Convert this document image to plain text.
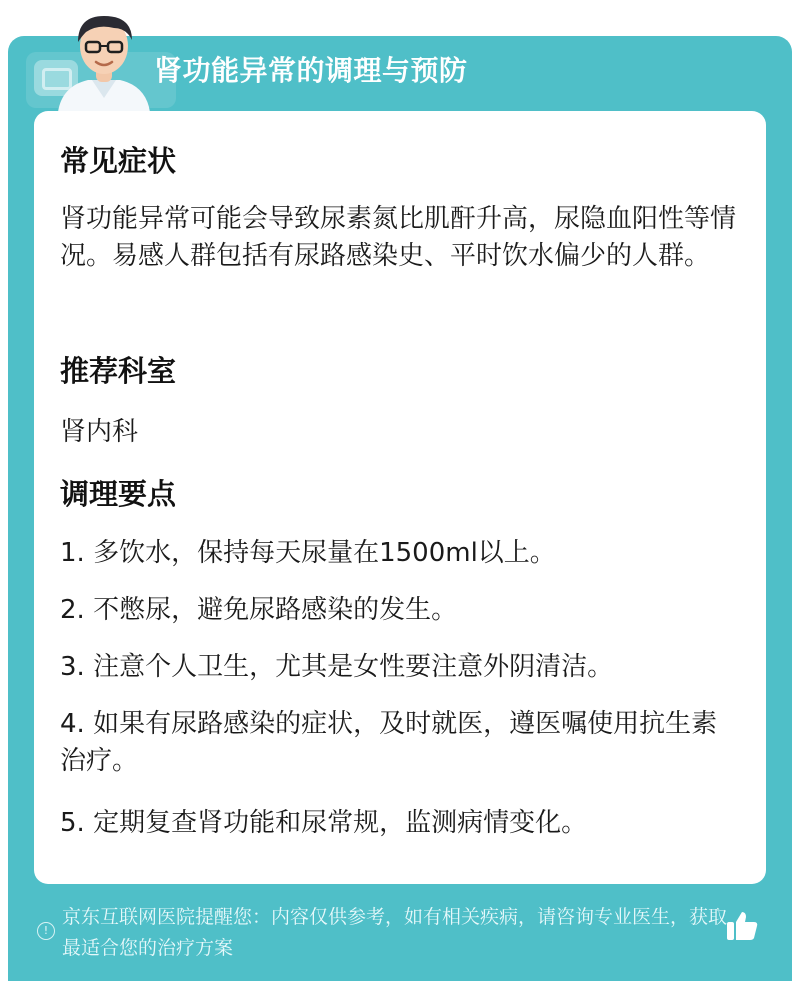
肾功能异常的调理与预防
常见症状
肾功能异常可能会导致尿素氮比肌酐升高，尿隐血阳性等情况。易感人群包括有尿路感染史、平时饮水偏少的人群。
推荐科室
肾内科
调理要点
1. 多饮水，保持每天尿量在1500ml以上。
2. 不憋尿，避免尿路感染的发生。
3. 注意个人卫生，尤其是女性要注意外阴清洁。
4. 如果有尿路感染的症状，及时就医，遵医嘱使用抗生素治疗。
5. 定期复查肾功能和尿常规，监测病情变化。
!
京东互联网医院提醒您：内容仅供参考，如有相关疾病，请咨询专业医生，获取最适合您的治疗方案
